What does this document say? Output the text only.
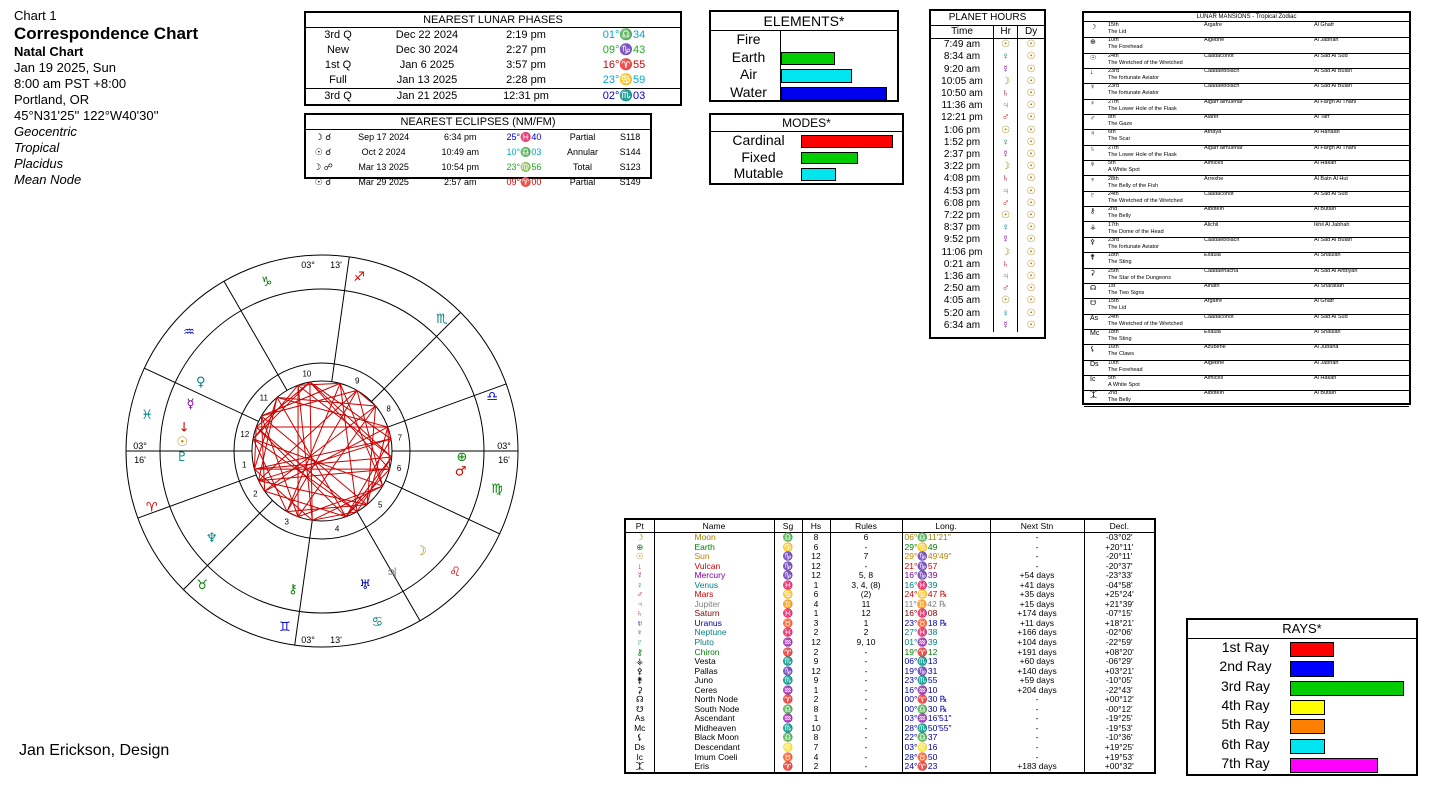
Chart 1
Correspondence Chart
Natal Chart
Jan 19 2025, Sun
8:00 am PST +8:00
Portland, OR
45°N31'25'' 122°W40'30''
Geocentric
Tropical
Placidus
Mean Node
Jan Erickson, Design
NEAREST LUNAR PHASES
3rd Q	Dec 22 2024	2:19 pm	01°♎34
New	Dec 30 2024	2:27 pm	09°♑43
1st Q	Jan 6 2025	3:57 pm	16°♈55
Full	Jan 13 2025	2:28 pm	23°♋59
3rd Q	Jan 21 2025	12:31 pm	02°♏03
NEAREST ECLIPSES (NM/FM)
☽ ☌	Sep 17 2024	6:34 pm	25°♓40	Partial	S118
☉ ☌	Oct 2 2024	10:49 am	10°♎03	Annular	S144
☽ ☍	Mar 13 2025	10:54 pm	23°♍56	Total	S123
☉ ☌	Mar 29 2025	2:57 am	09°♈00	Partial	S149
ELEMENTS*
Fire
Earth
Air
Water
MODES*
Cardinal
Fixed
Mutable
PLANET HOURS
Time	Hr	Dy
7:49 am	☉	☉
8:34 am	♀	☉
9:20 am	☿	☉
10:05 am	☽	☉
10:50 am	♄	☉
11:36 am	♃	☉
12:21 pm	♂	☉
1:06 pm	☉	☉
1:52 pm	♀	☉
2:37 pm	☿	☉
3:22 pm	☽	☉
4:08 pm	♄	☉
4:53 pm	♃	☉
6:08 pm	♂	☉
7:22 pm	☉	☉
8:37 pm	♀	☉
9:52 pm	☿	☉
11:06 pm	☽	☉
0:21 am	♄	☉
1:36 am	♃	☉
2:50 am	♂	☉
4:05 am	☉	☉
5:20 am	♀	☉
6:34 am	☿	☉
LUNAR MANSIONS - Tropical Zodiac
☽ 15th	Argafre	Al Ghafr
The Lid
⊕ 10th	Algebhe	Al Jabhah
The Forehead
☉ 24th	Caadacohot	Al Sad Al Sud
The Wretched of the Wretched
↓	23rd	Caadaebolach	Al Sad Al Bulah
The fortunate Aviator
☿ 23rd	Caadaebolach	Al Sad Al Bulah
The fortunate Aviator
♀ 27th	Algarf almuehar	Al Fargh Al Thani
The Lower Hole of the Flask
♂ 8th	Alaref	Al Tarf
The Gaze
♃ 6th	Athaya	Al Hanaah
The Scar
♄ 27th	Algarf almuehar	Al Fargh Al Thani
The Lower Hole of the Flask
♅ 5th	Almices	Al Hakah
A White Spot
♆ 28th	Arrexhe	Al Batn Al Hut
The Belly of the Fish
♇ 24th	Caadacohot	Al Sad Al Sud
The Wretched of the Wretched
⚷ 2nd	Albotein	Al Butain
The Belly
⚶ 17th	Alichil	Ikhil Al Jabhah
The Dome of the Head
⚴ 23rd	Caadaebolach	Al Sad Al Bulah
The fortunate Aviator
⚵ 18th	Exaula	Al Shaulah
The Sting
⚳ 25th	Caadaehacha	Al Sad Al Ahbiyah
The Star of the Dungeons
☊ 1st	Alnath	Al Sharatain
The Two Signs
☋ 15th	Argafre	Al Ghafr
The Lid
As 24th	Caadacohot	Al Sad Al Sud
The Wretched of the Wretched
Mc 18th	Exaula	Al Shaulah
The Sting
⚸ 16th	Azubene	Al Jubana
The Claws
Ds 10th	Algebhe	Al Jabhah
The Forehead
Ic 5th	Almices	Al Hakah
A White Spot
⯰ 2nd	Albotein	Al Butain
The Belly
Pt	Name	Sg	Hs	Rules	Long.	Next Stn	Decl.
☽	Moon	♎	8	6	06°♎11'21"	-	-03°02'
⊕	Earth	♋	6	-	29°♋49	-	+20°11'
☉	Sun	♑	12	7	29°♑49'49"	-	-20°11'
↓	Vulcan	♑	12	-	21°♑57	-	-20°37'
☿	Mercury	♑	12	5, 8	16°♑39	+54 days	-23°33'
♀	Venus	♓	1	3, 4, (8)	16°♓39	+41 days	-04°58'
♂	Mars	♋	6	(2)	24°♋47 ℞	+35 days	+25°24'
♃	Jupiter	♊	4	11	11°♊42 ℞	+15 days	+21°39'
♄	Saturn	♓	1	12	16°♓08	+174 days	-07°15'
♅	Uranus	♉	3	1	23°♉18 ℞	+11 days	+18°21'
♆	Neptune	♓	2	2	27°♓38	+166 days	-02°06'
♇	Pluto	♒	12	9, 10	01°♒39	+104 days	-22°59'
⚷	Chiron	♈	2	-	19°♈12	+191 days	+08°20'
⚶	Vesta	♏	9	-	06°♏13	+60 days	-06°29'
⚴	Pallas	♑	12	-	19°♑31	+140 days	+03°21'
⚵	Juno	♏	9	-	23°♏55	+59 days	-10°05'
⚳	Ceres	♒	1	-	16°♒10	+204 days	-22°43'
☊	North Node	♈	2	-	00°♈30 ℞	-	+00°12'
☋	South Node	♎	8	-	00°♎30 ℞	-	-00°12'
As	Ascendant	♒	1	-	03°♒16'51"	-	-19°25'
Mc	Midheaven	♏	10	-	28°♏50'55"	-	-19°53'
⚸	Black Moon	♎	8	-	22°♎37	-	-10°36'
Ds	Descendant	♌	7	-	03°♌16	-	+19°25'
Ic	Imum Coeli	♉	4	-	28°♉50	-	+19°53'
⯰	Eris	♈	2	-	24°♈23	+183 days	+00°32'
RAYS*
1st Ray
2nd Ray
3rd Ray
4th Ray
5th Ray
6th Ray
7th Ray
1
2
3
4
5
6
7
8
9
10
11
12
♈
♉
♊	♋
♌
♍
♎
♏
♐
♑
♒
♓
03° 13'
03°
16'
03° 13'
03°
16'
☽
♀
☿
↓
☉
♇
♂
⊕
♃
♅
♆
⚷
